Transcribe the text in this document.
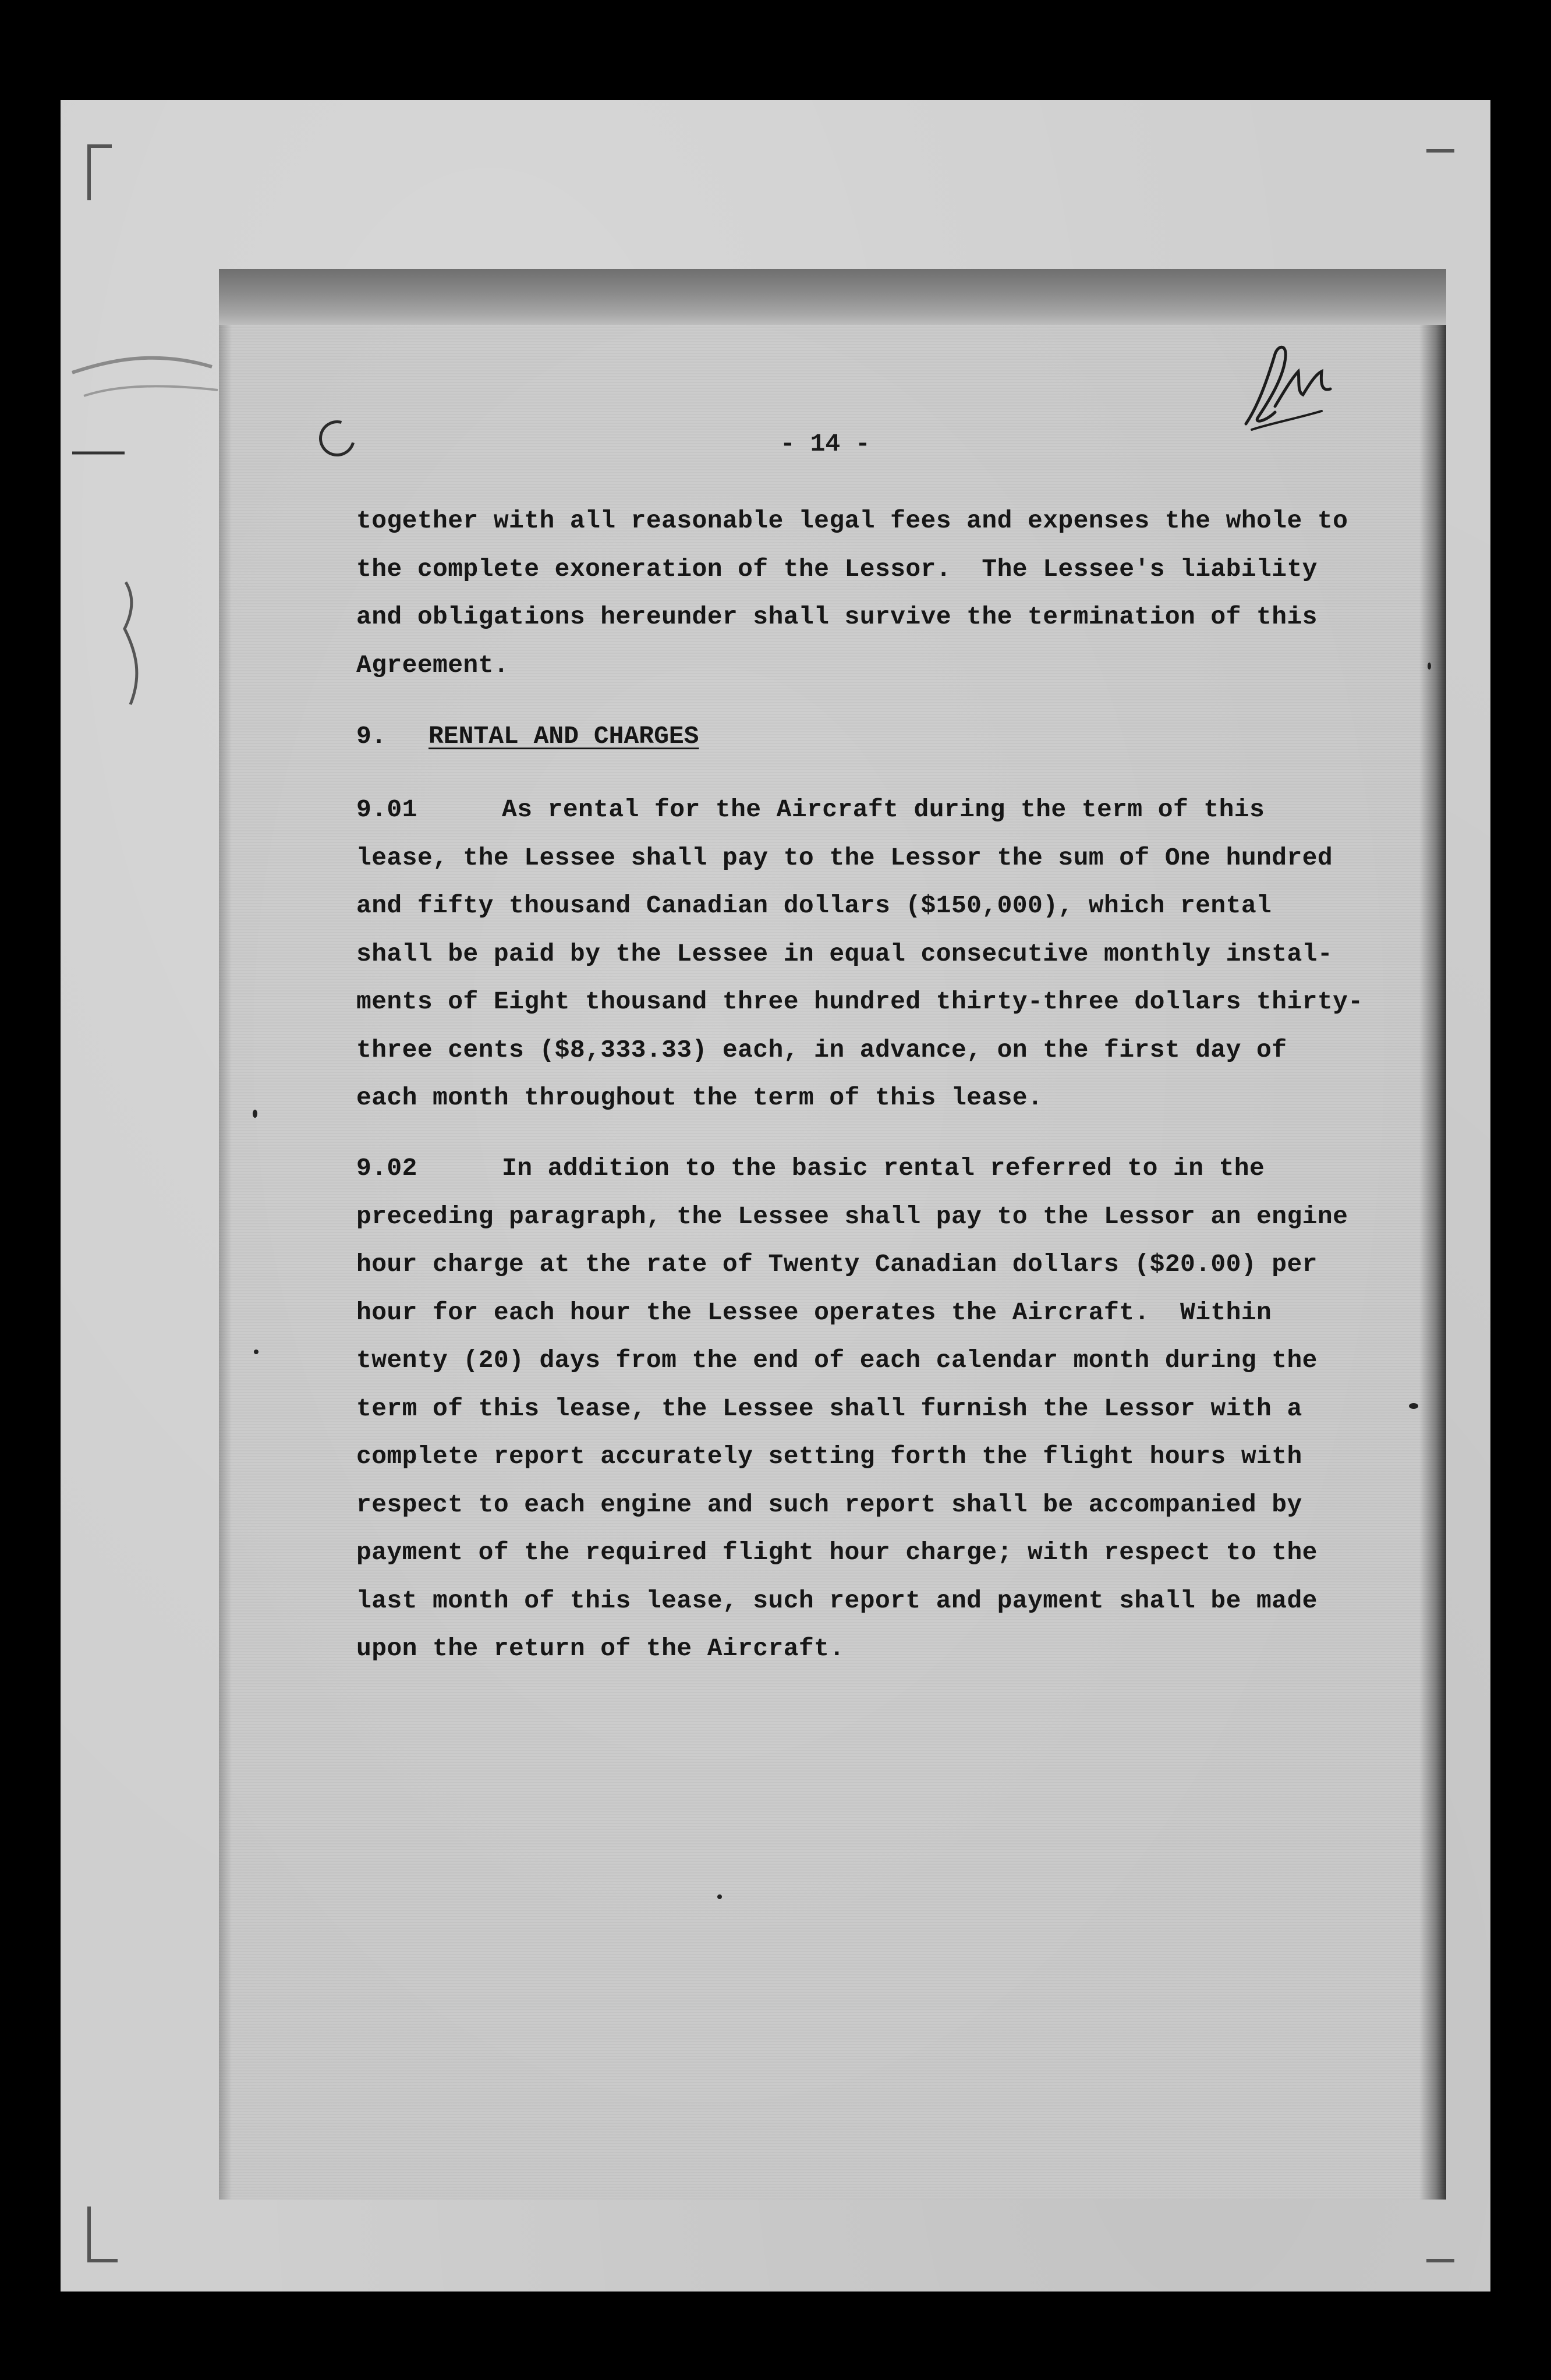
- 14 -
together with all reasonable legal fees and expenses the whole to
the complete exoneration of the Lessor.  The Lessee's liability
and obligations hereunder shall survive the termination of this
Agreement.
9. RENTAL AND CHARGES
9.01	As rental for the Aircraft during the term of this
lease, the Lessee shall pay to the Lessor the sum of One hundred
and fifty thousand Canadian dollars ($150,000), which rental
shall be paid by the Lessee in equal consecutive monthly instal-
ments of Eight thousand three hundred thirty-three dollars thirty-
three cents ($8,333.33) each, in advance, on the first day of
each month throughout the term of this lease.
9.02	In addition to the basic rental referred to in the
preceding paragraph, the Lessee shall pay to the Lessor an engine
hour charge at the rate of Twenty Canadian dollars ($20.00) per
hour for each hour the Lessee operates the Aircraft.  Within
twenty (20) days from the end of each calendar month during the
term of this lease, the Lessee shall furnish the Lessor with a
complete report accurately setting forth the flight hours with
respect to each engine and such report shall be accompanied by
payment of the required flight hour charge; with respect to the
last month of this lease, such report and payment shall be made
upon the return of the Aircraft.
